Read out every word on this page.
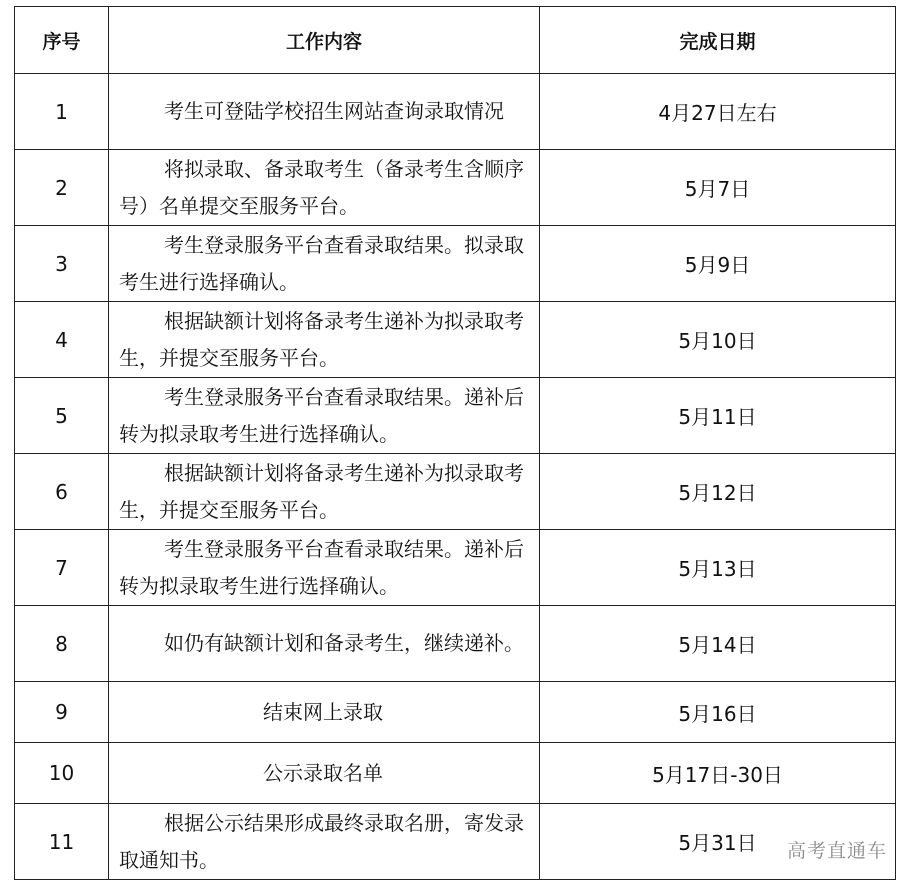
序号	工作内容	完成日期
1	考生可登陆学校招生网站查询录取情况	4月27日左右
2	将拟录取、备录取考生（备录考生含顺序号）名单提交至服务平台。	5月7日
3	考生登录服务平台查看录取结果。拟录取考生进行选择确认。	5月9日
4	根据缺额计划将备录考生递补为拟录取考生，并提交至服务平台。	5月10日
5	考生登录服务平台查看录取结果。递补后转为拟录取考生进行选择确认。	5月11日
6	根据缺额计划将备录考生递补为拟录取考生，并提交至服务平台。	5月12日
7	考生登录服务平台查看录取结果。递补后转为拟录取考生进行选择确认。	5月13日
8	如仍有缺额计划和备录考生，继续递补。	5月14日
9	结束网上录取	5月16日
10	公示录取名单	5月17日-30日
11	根据公示结果形成最终录取名册，寄发录取通知书。	5月31日 高考直通车
